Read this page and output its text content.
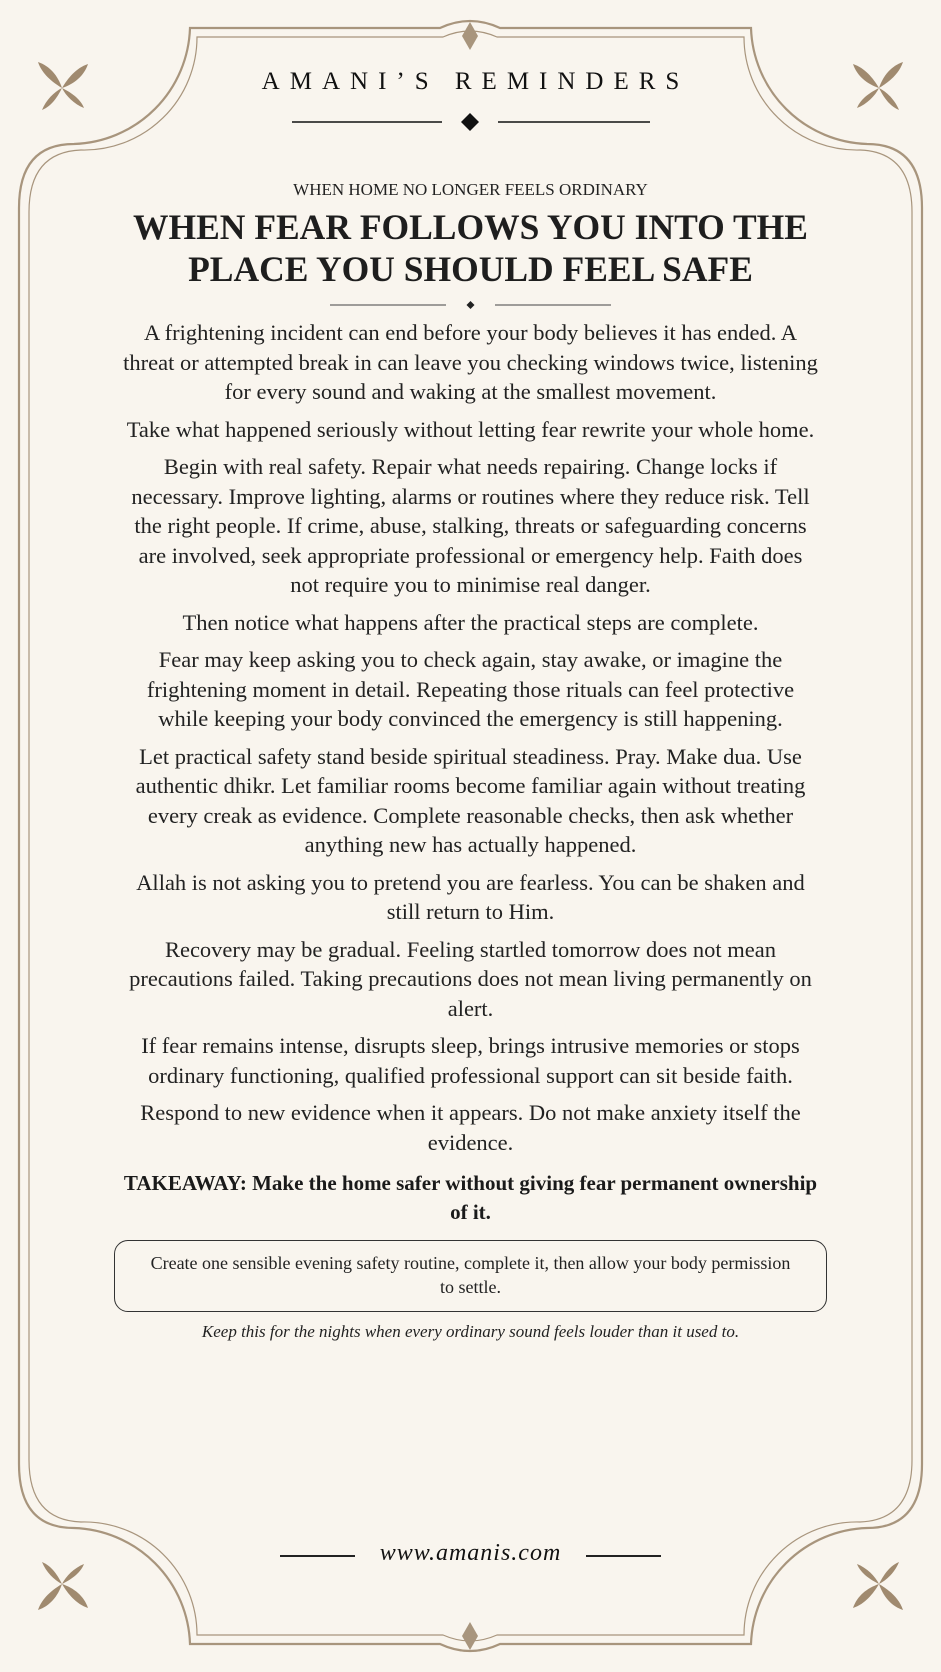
AMANI’S REMINDERS
WHEN HOME NO LONGER FEELS ORDINARY
WHEN FEAR FOLLOWS YOU INTO THE PLACE YOU SHOULD FEEL SAFE

A frightening incident can end before your body believes it has ended. A threat or attempted break in can leave you checking windows twice, listening for every sound and waking at the smallest movement.

Take what happened seriously without letting fear rewrite your whole home.

Begin with real safety. Repair what needs repairing. Change locks if necessary. Improve lighting, alarms or routines where they reduce risk. Tell the right people. If crime, abuse, stalking, threats or safeguarding concerns are involved, seek appropriate professional or emergency help. Faith does not require you to minimise real danger.

Then notice what happens after the practical steps are complete.

Fear may keep asking you to check again, stay awake, or imagine the frightening moment in detail. Repeating those rituals can feel protective while keeping your body convinced the emergency is still happening.

Let practical safety stand beside spiritual steadiness. Pray. Make dua. Use authentic dhikr. Let familiar rooms become familiar again without treating every creak as evidence. Complete reasonable checks, then ask whether anything new has actually happened.

Allah is not asking you to pretend you are fearless. You can be shaken and still return to Him.

Recovery may be gradual. Feeling startled tomorrow does not mean precautions failed. Taking precautions does not mean living permanently on alert.

If fear remains intense, disrupts sleep, brings intrusive memories or stops ordinary functioning, qualified professional support can sit beside faith.

Respond to new evidence when it appears. Do not make anxiety itself the evidence.

TAKEAWAY: Make the home safer without giving fear permanent ownership of it.
Create one sensible evening safety routine, complete it, then allow your body permission to settle.
Keep this for the nights when every ordinary sound feels louder than it used to.
www.amanis.com
